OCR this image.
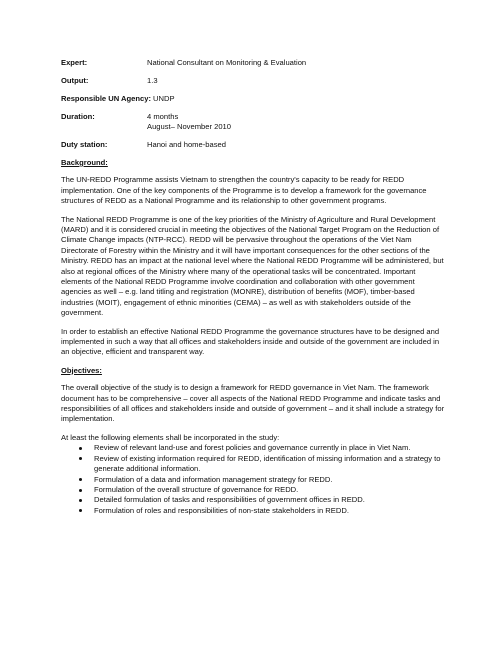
Expert:	National Consultant on Monitoring & Evaluation
Output:	1.3
Responsible UN Agency: UNDP
Duration:	4 months
August– November 2010
Duty station:	Hanoi and home-based
Background:

The UN-REDD Programme assists Vietnam to strengthen the country's capacity to be ready for REDD implementation. One of the key components of the Programme is to develop a framework for the governance structures of REDD as a National Programme and its relationship to other government programs.

The National REDD Programme is one of the key priorities of the Ministry of Agriculture and Rural Development (MARD) and it is considered crucial in meeting the objectives of the National Target Program on the Reduction of Climate Change impacts (NTP-RCC). REDD will be pervasive throughout the operations of the Viet Nam Directorate of Forestry within the Ministry and it will have important consequences for the other sections of the Ministry. REDD has an impact at the national level where the National REDD Programme will be administered, but also at regional offices of the Ministry where many of the operational tasks will be concentrated. Important elements of the National REDD Programme involve coordination and collaboration with other government agencies as well – e.g. land titling and registration (MONRE), distribution of benefits (MOF), timber-based industries (MOIT), engagement of ethnic minorities (CEMA) – as well as with stakeholders outside of the government.

In order to establish an effective National REDD Programme the governance structures have to be designed and implemented in such a way that all offices and stakeholders inside and outside of the government are included in an objective, efficient and transparent way.

Objectives:

The overall objective of the study is to design a framework for REDD governance in Viet Nam. The framework document has to be comprehensive – cover all aspects of the National REDD Programme and indicate tasks and responsibilities of all offices and stakeholders inside and outside of government – and it shall include a strategy for implementation.

At least the following elements shall be incorporated in the study:
Review of relevant land-use and forest policies and governance currently in place in Viet Nam.
Review of existing information required for REDD, identification of missing information and a strategy to generate additional information.
Formulation of a data and information management strategy for REDD.
Formulation of the overall structure of governance for REDD.
Detailed formulation of tasks and responsibilities of government offices in REDD.
Formulation of roles and responsibilities of non-state stakeholders in REDD.
